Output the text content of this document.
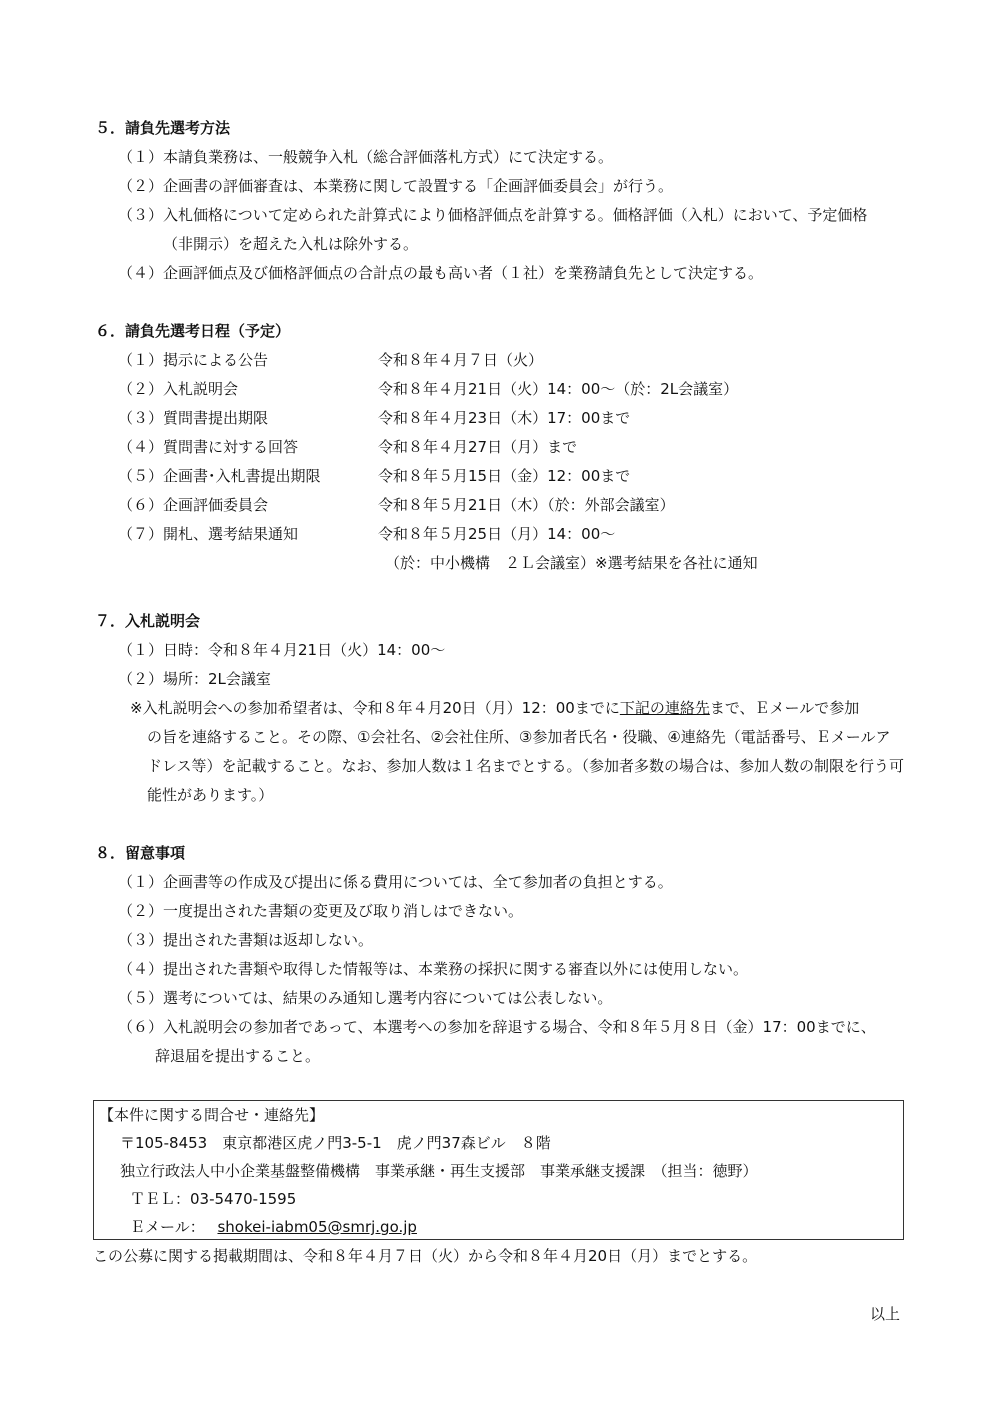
５．請負先選考方法
（１）本請負業務は、一般競争入札（総合評価落札方式）にて決定する。
（２）企画書の評価審査は、本業務に関して設置する「企画評価委員会」が行う。
（３）入札価格について定められた計算式により価格評価点を計算する。価格評価（入札）において、予定価格
（非開示）を超えた入札は除外する。
（４）企画評価点及び価格評価点の合計点の最も高い者（１社）を業務請負先として決定する。
６．請負先選考日程（予定）
（１）掲示による公告	令和８年４月７日（火）
（２）入札説明会	令和８年４月21日（火）14：00～（於：2L会議室）
（３）質問書提出期限	令和８年４月23日（木）17：00まで
（４）質問書に対する回答	令和８年４月27日（月）まで
（５）企画書･入札書提出期限	令和８年５月15日（金）12：00まで
（６）企画評価委員会	令和８年５月21日（木）（於：外部会議室）
（７）開札、選考結果通知	令和８年５月25日（月）14：00～
（於：中小機構　２Ｌ会議室）※選考結果を各社に通知
７．入札説明会
（１）日時：令和８年４月21日（火）14：00～
（２）場所：2L会議室
※入札説明会への参加希望者は、令和８年４月20日（月）12：00までに下記の連絡先まで、Ｅメールで参加
の旨を連絡すること。その際、①会社名、②会社住所、③参加者氏名・役職、④連絡先（電話番号、Ｅメールア
ドレス等）を記載すること。なお、参加人数は１名までとする。（参加者多数の場合は、参加人数の制限を行う可
能性があります。）
８．留意事項
（１）企画書等の作成及び提出に係る費用については、全て参加者の負担とする。
（２）一度提出された書類の変更及び取り消しはできない。
（３）提出された書類は返却しない。
（４）提出された書類や取得した情報等は、本業務の採択に関する審査以外には使用しない。
（５）選考については、結果のみ通知し選考内容については公表しない。
（６）入札説明会の参加者であって、本選考への参加を辞退する場合、令和８年５月８日（金）17：00までに、
辞退届を提出すること。
【本件に関する問合せ・連絡先】
〒105-8453　東京都港区虎ノ門3-5-1　虎ノ門37森ビル　８階
独立行政法人中小企業基盤整備機構　事業承継・再生支援部　事業承継支援課　（担当：徳野）
ＴＥＬ：03-5470-1595
Ｅメール： shokei-iabm05@smrj.go.jp
この公募に関する掲載期間は、令和８年４月７日（火）から令和８年４月20日（月）までとする。
以上
